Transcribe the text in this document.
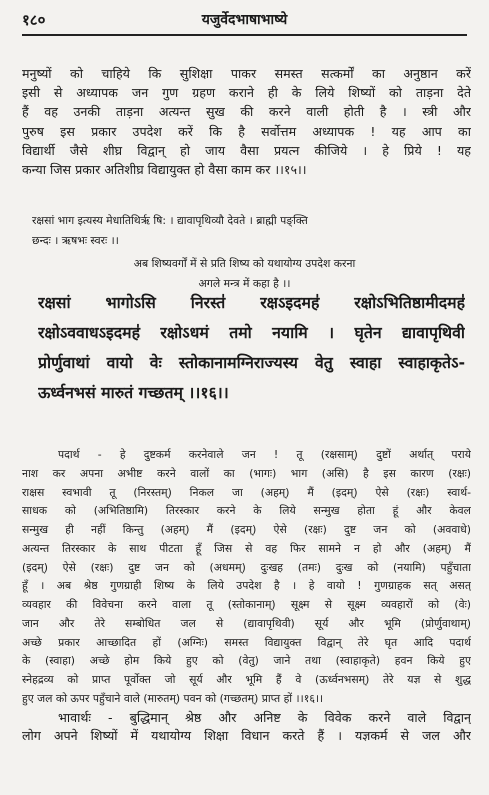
१८०	यजुर्वेदभाषाभाष्ये
मनुष्यों को चाहिये कि सुशिक्षा पाकर समस्त सत्कर्मों का अनुष्ठान करें
इसी से अध्यापक जन गुण ग्रहण कराने ही के लिये शिष्यों को ताड़ना देते
हैं वह उनकी ताड़ना अत्यन्त सुख की करने वाली होती है । स्त्री और
पुरुष इस प्रकार उपदेश करें कि है सर्वोत्तम अध्यापक ! यह आप का
विद्यार्थी जैसे शीघ्र विद्वान् हो जाय वैसा प्रयत्न कीजिये । हे प्रिये ! यह
कन्या जिस प्रकार अतिशीघ्र विद्यायुक्त हो वैसा काम कर ।।१५।।
रक्षसां भाग इत्यस्य मेधातिथिर्ऋ षि: । द्यावापृथिव्यौ देवते । ब्राह्मी पङ्क्ति
छन्दः । ऋषभः स्वरः ।।
अब शिष्यवर्गों में से प्रति शिष्य को यथायोग्य उपदेश करना
अगले मन्त्र में कहा है ।।
रक्षसां भागोऽसि निरस्त॑ रक्षऽइदमह॑ रक्षोऽभितिष्ठामीदमह॑
रक्षोऽववाधऽइदमह॑ रक्षोऽधमं तमो नयामि । घृतेन द्यावापृथिवी
प्रोर्णुवाथां वायो वेः स्तोकानामग्निराज्यस्य वेतु स्वाहा स्वाहाकृतेऽ-
ऊर्ध्वनभसं मारुतं गच्छतम् ।।१६।।
पदार्थ - हे दुष्टकर्म करनेवाले जन ! तू (रक्षसाम्) दुष्टों अर्थात् पराये
नाश कर अपना अभीष्ट करने वालों का (भागः) भाग (असि) है इस कारण (रक्षः)
राक्षस स्वभावी तू (निरस्तम्) निकल जा (अहम्) मैं (इदम्) ऐसे (रक्षः) स्वार्थ-
साधक को (अभितिष्ठामि) तिरस्कार करने के लिये सन्मुख होता हूं और केवल
सन्मुख ही नहीं किन्तु (अहम्) मैं (इदम्) ऐसे (रक्षः) दुष्ट जन को (अववाधे)
अत्यन्त तिरस्कार के साथ पीटता हूँ जिस से वह फिर सामने न हो और (अहम्) मैं
(इदम्) ऐसे (रक्षः) दुष्ट जन को (अधमम्) दुःखह (तमः) दुःख को (नयामि) पहुँचाता
हूँ । अब श्रेष्ठ गुणग्राही शिष्य के लिये उपदेश है । हे वायो ! गुणग्राहक सत् असत्
व्यवहार की विवेचना करने वाला तू (स्तोकानाम्) सूक्ष्म से सूक्ष्म व्यवहारों को (वेः)
जान और तेरे सम्बोधित जल से (द्यावापृथिवी) सूर्य और भूमि (प्रोर्णुवाथाम्)
अच्छे प्रकार आच्छादित हों (अग्निः) समस्त विद्यायुक्त विद्वान् तेरे घृत आदि पदार्थ
के (स्वाहा) अच्छे होम किये हुए को (वेतु) जाने तथा (स्वाहाकृते) हवन किये हुए
स्नेहद्रव्य को प्राप्त पूर्वोक्त जो सूर्य और भूमि हैं वे (ऊर्ध्वनभसम्) तेरे यज्ञ से शुद्ध
हुए जल को ऊपर पहुँचाने वाले (मारुतम्) पवन को (गच्छतम्) प्राप्त हों ।।१६।।
भावार्थः - बुद्धिमान् श्रेष्ठ और अनिष्ट के विवेक करने वाले विद्वान्
लोग अपने शिष्यों में यथायोग्य शिक्षा विधान करते हैं । यज्ञकर्म से जल और
